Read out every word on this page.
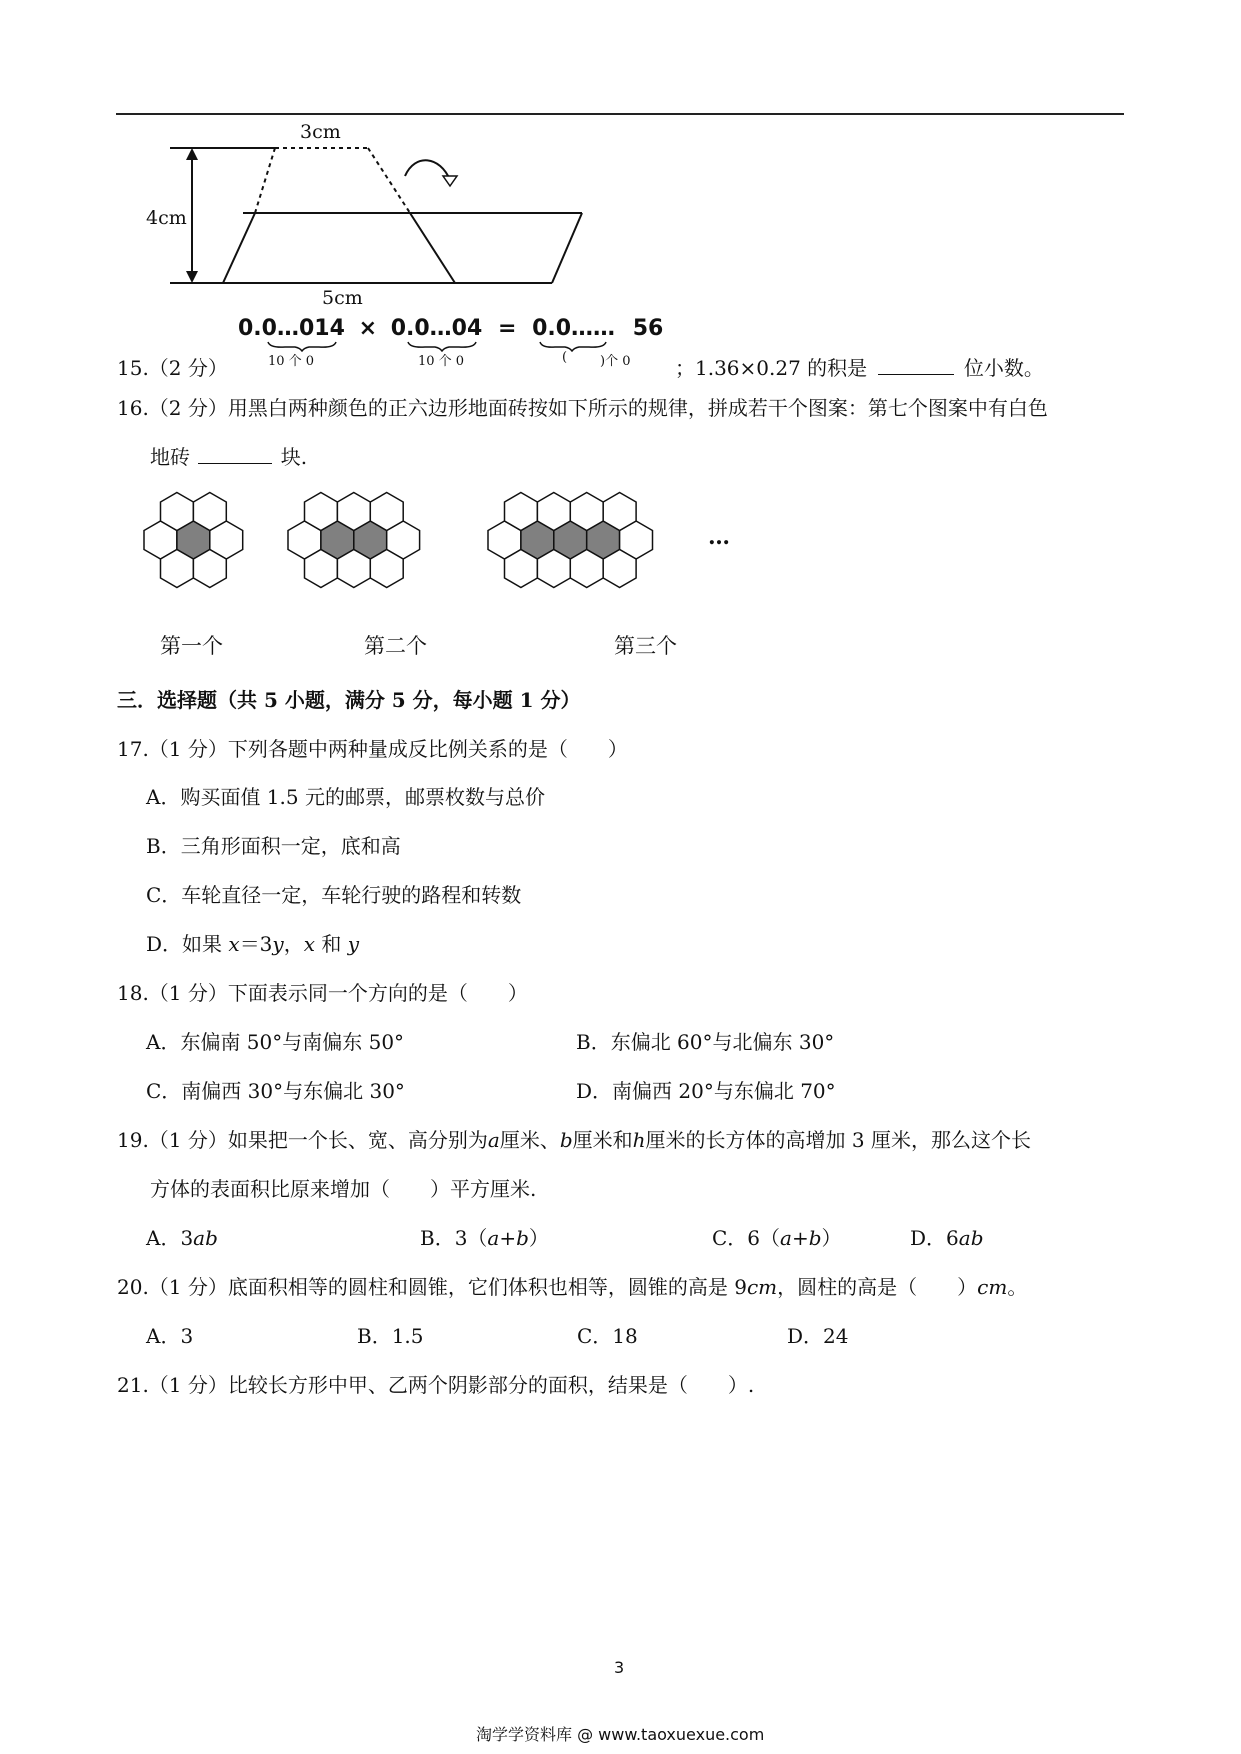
3cm
4cm
5cm
15.（2 分）
0.0…014 × 0.0…04 = 0.0…… 56
10 个 0	10 个 0	(	)个 0 ；1.36×0.27 的积是	位小数。
16.（2 分）用黑白两种颜色的正六边形地面砖按如下所示的规律，拼成若干个图案：第七个图案中有白色
地砖	块.
…
第一个	第二个	第三个
三．选择题（共 5 小题，满分 5 分，每小题 1 分）
17.（1 分）下列各题中两种量成反比例关系的是（　　）
A．购买面值 1.5 元的邮票，邮票枚数与总价
B．三角形面积一定，底和高
C．车轮直径一定，车轮行驶的路程和转数
D．如果 x＝3y，x 和 y
18.（1 分）下面表示同一个方向的是（　　）
A．东偏南 50°与南偏东 50°	B．东偏北 60°与北偏东 30°
C．南偏西 30°与东偏北 30°	D．南偏西 20°与东偏北 70°
19.（1 分）如果把一个长、宽、高分别为a厘米、b厘米和h厘米的长方体的高增加 3 厘米，那么这个长
方体的表面积比原来增加（　　）平方厘米.
A．3ab	B．3（a+b）	C．6（a+b）	D．6ab
20.（1 分）底面积相等的圆柱和圆锥，它们体积也相等，圆锥的高是 9cm，圆柱的高是（　　）cm。
A．3	B．1.5	C．18	D．24
21.（1 分）比较长方形中甲、乙两个阴影部分的面积，结果是（　　）.
3
淘学学资料库 @ www.taoxuexue.com
